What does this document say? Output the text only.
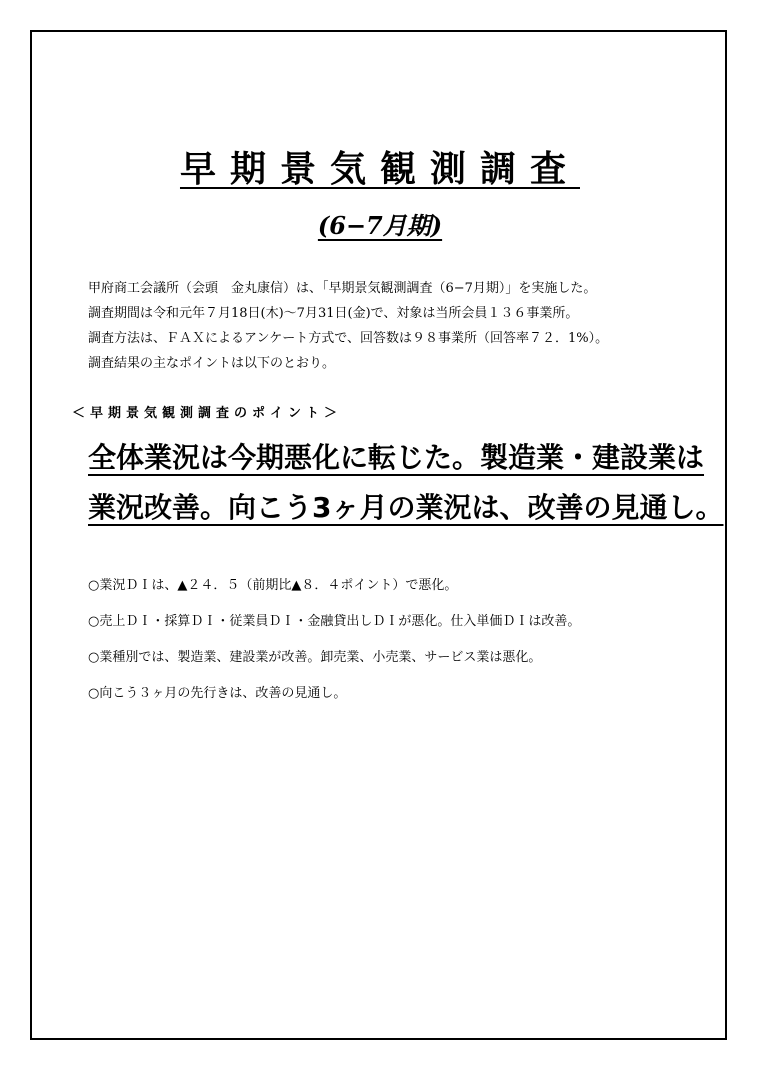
早期景気観測調査
(6−7月期)
甲府商工会議所（会頭　金丸康信）は、「早期景気観測調査（6−7月期）」を実施した。
調査期間は令和元年７月18日(木)〜7月31日(金)で、対象は当所会員１３６事業所。
調査方法は、ＦＡＸによるアンケート方式で、回答数は９８事業所（回答率７２．1%）。
調査結果の主なポイントは以下のとおり。
＜早期景気観測調査のポイント＞
全体業況は今期悪化に転じた。製造業・建設業は
業況改善。向こう3ヶ月の業況は、改善の見通し。
○業況ＤＩは、▲２４．５（前期比▲８．４ポイント）で悪化。
○売上ＤＩ・採算ＤＩ・従業員ＤＩ・金融貸出しＤＩが悪化。仕入単価ＤＩは改善。
○業種別では、製造業、建設業が改善。卸売業、小売業、サービス業は悪化。
○向こう３ヶ月の先行きは、改善の見通し。
